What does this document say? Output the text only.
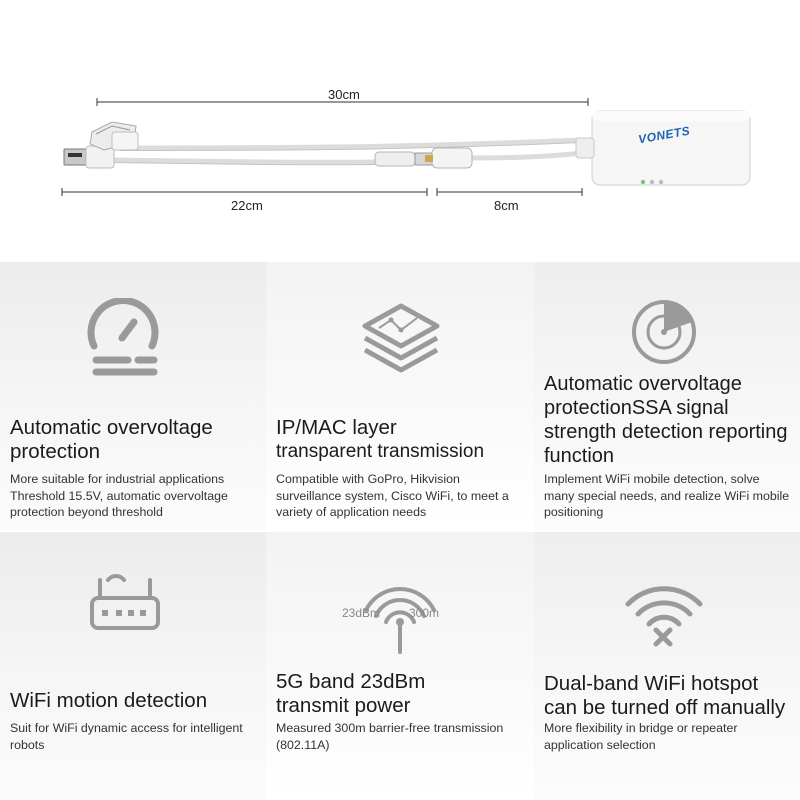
30cm
22cm	8cm
VONETS
Automatic overvoltage protection
More suitable for industrial applications Threshold 15.5V, automatic overvoltage protection beyond threshold
IP/MAC layer
transparent transmission
Compatible with GoPro, Hikvision surveillance system, Cisco WiFi, to meet a variety of application needs
Automatic overvoltage protectionSSA signal strength detection reporting function
Implement WiFi mobile detection, solve many special needs, and realize WiFi mobile positioning
WiFi motion detection
Suit for WiFi dynamic access for intelligent robots
23dBm 300m
5G band 23dBm transmit power
Measured 300m barrier-free transmission (802.11A)
Dual-band WiFi hotspot can be turned off manually
More flexibility in bridge or repeater application selection
